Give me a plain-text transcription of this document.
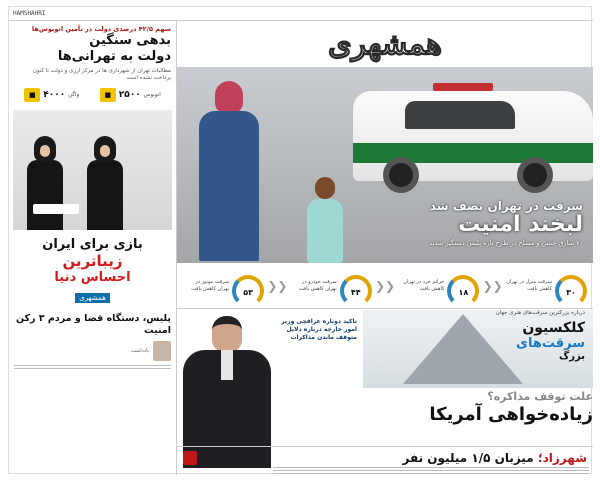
HAMSHAHRI
سهم ۴۲/۵ درصدی دولت در تأمین اتوبوس‌ها
بدهی سنگین
دولت به تهرانی‌ها
مطالبات تهران از شهرداری ها در مرکز ارزی و دولت تا کنون پرداخت نشده است
■ ۲۵۰۰ اتوبوس
■ ۴۰۰۰ واگن
بازی برای ایران
زیباترین
احساس دنیا
همشهری
پلیس، دستگاه قضا و مردم ۳ رکن امنیت
یادداشت
همشهری
سرقت در تهران نصف شد
لبخند امنیت
۷۰ سارق خشن و مسلح در طرح تازه پلیس دستگیر شدند
۳۰
سرقت منزل در تهران کاهش یافت
❮❮
۱۸
جرائم خرد در تهران کاهش یافت
❮❮
۴۴
سرقت خودرو در تهران کاهش یافت
❮❮
۵۳
سرقت موتور در تهران کاهش یافت
درباره بزرگترین سرقت‌های هنری جهان
کلکسیون
سرقت‌های
بزرگ
تاکید دوباره عراقچی وزیر امور خارجه درباره دلایل متوقف ماندن مذاکرات
علت توقف مذاکره؟
زیاده‌خواهی آمریکا
شهرزاد؛ میزبان ۱/۵ میلیون نفر
